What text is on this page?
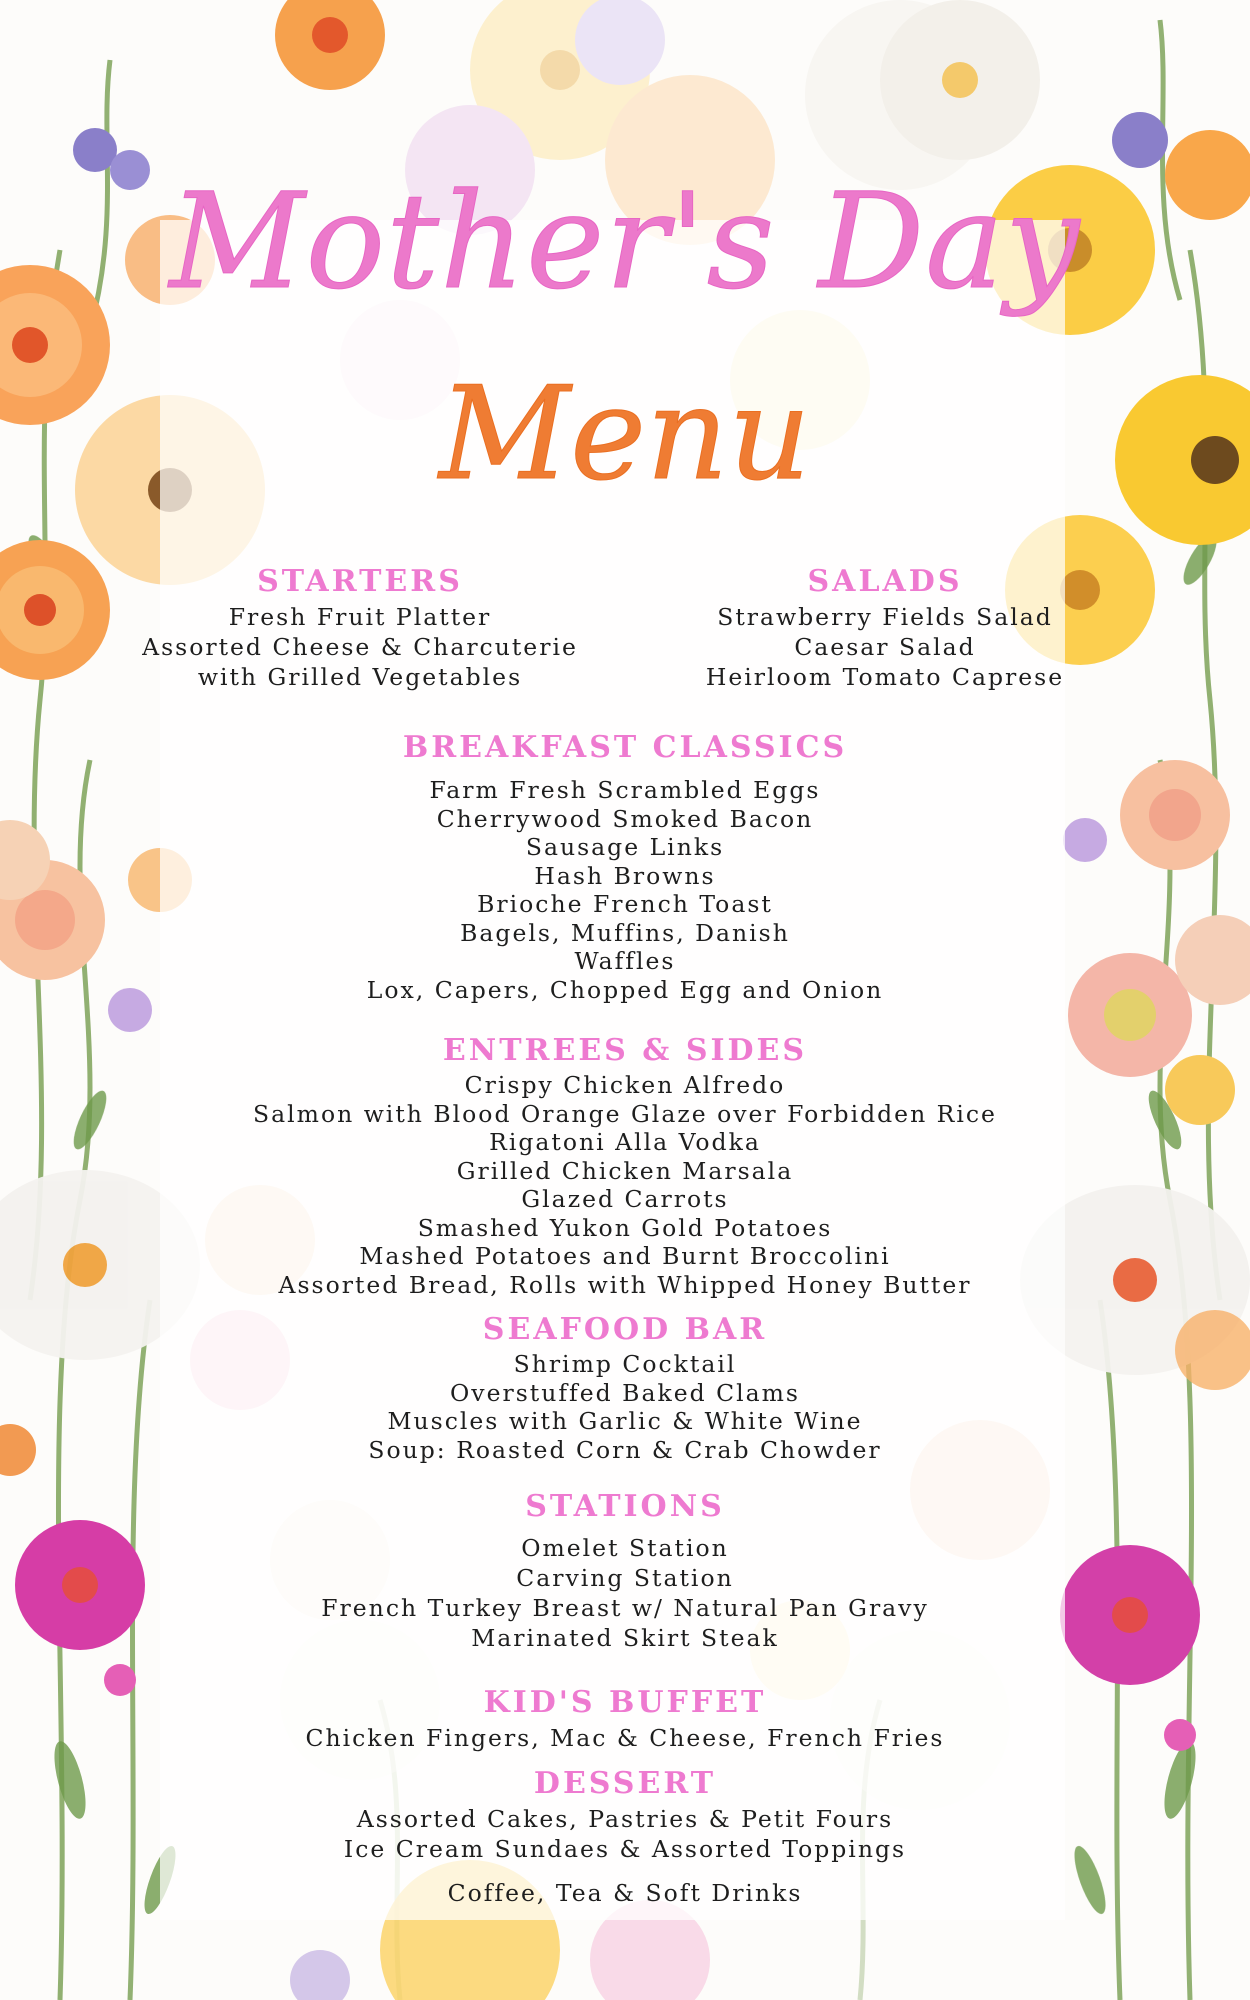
Mother's Day
Menu
STARTERS
Fresh Fruit Platter
Assorted Cheese & Charcuterie
with Grilled Vegetables
SALADS
Strawberry Fields Salad
Caesar Salad
Heirloom Tomato Caprese
BREAKFAST CLASSICS
Farm Fresh Scrambled Eggs
Cherrywood Smoked Bacon
Sausage Links
Hash Browns
Brioche French Toast
Bagels, Muffins, Danish
Waffles
Lox, Capers, Chopped Egg and Onion
ENTREES & SIDES
Crispy Chicken Alfredo
Salmon with Blood Orange Glaze over Forbidden Rice
Rigatoni Alla Vodka
Grilled Chicken Marsala
Glazed Carrots
Smashed Yukon Gold Potatoes
Mashed Potatoes and Burnt Broccolini
Assorted Bread, Rolls with Whipped Honey Butter
SEAFOOD BAR
Shrimp Cocktail
Overstuffed Baked Clams
Muscles with Garlic & White Wine
Soup: Roasted Corn & Crab Chowder
STATIONS
Omelet Station
Carving Station
French Turkey Breast w/ Natural Pan Gravy
Marinated Skirt Steak
KID'S BUFFET
Chicken Fingers, Mac & Cheese, French Fries
DESSERT
Assorted Cakes, Pastries & Petit Fours
Ice Cream Sundaes & Assorted Toppings
Coffee, Tea & Soft Drinks
